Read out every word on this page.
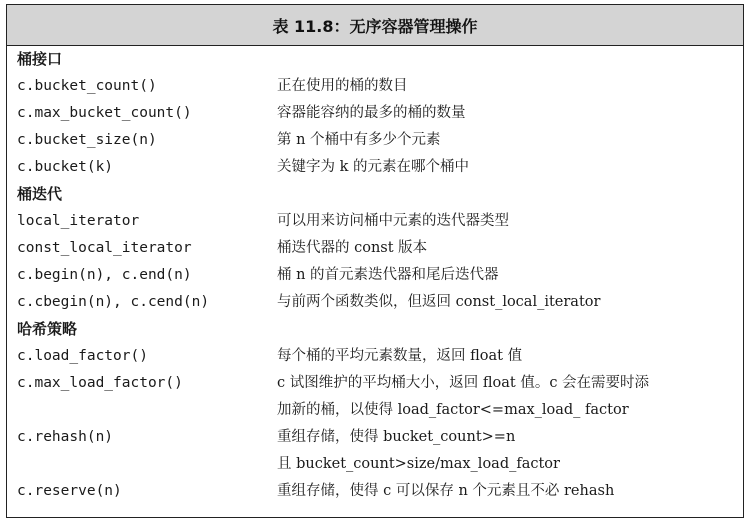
表 11.8：无序容器管理操作
桶接口
c.bucket_count()	正在使用的桶的数目
c.max_bucket_count()	容器能容纳的最多的桶的数量
c.bucket_size(n)	第 n 个桶中有多少个元素
c.bucket(k)	关键字为 k 的元素在哪个桶中
桶迭代
local_iterator	可以用来访问桶中元素的迭代器类型
const_local_iterator	桶迭代器的 const 版本
c.begin(n), c.end(n)	桶 n 的首元素迭代器和尾后迭代器
c.cbegin(n), c.cend(n)	与前两个函数类似，但返回 const_local_iterator
哈希策略
c.load_factor()	每个桶的平均元素数量，返回 float 值
c.max_load_factor()	c 试图维护的平均桶大小，返回 float 值。c 会在需要时添
加新的桶，以使得 load_factor<=max_load_ factor
c.rehash(n)	重组存储，使得 bucket_count>=n
且 bucket_count>size/max_load_factor
c.reserve(n)	重组存储，使得 c 可以保存 n 个元素且不必 rehash
